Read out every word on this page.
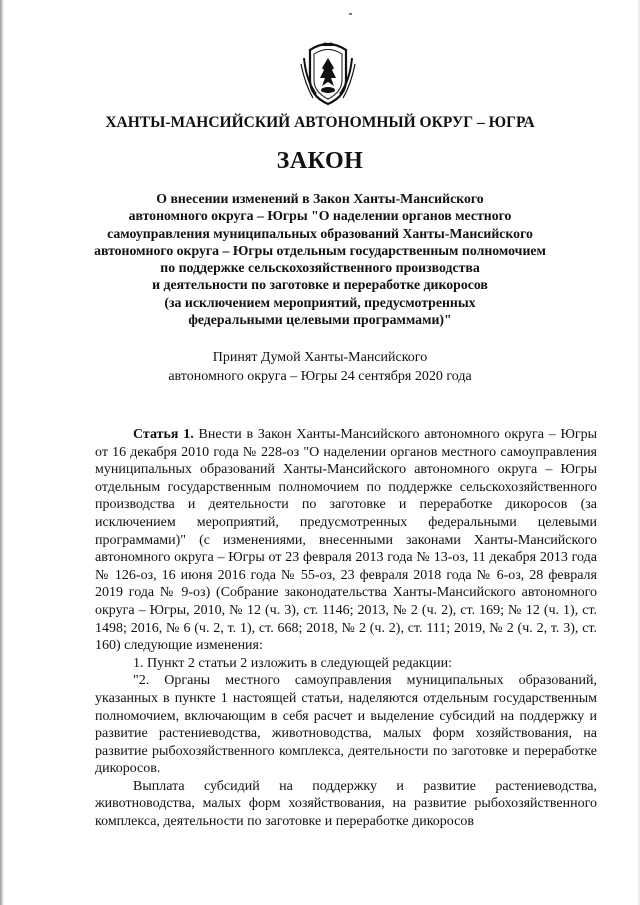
ХАНТЫ-МАНСИЙСКИЙ АВТОНОМНЫЙ ОКРУГ – ЮГРА
ЗАКОН
О внесении изменений в Закон Ханты-Мансийского
автономного округа – Югры "О наделении органов местного
самоуправления муниципальных образований Ханты-Мансийского
автономного округа – Югры отдельным государственным полномочием
по поддержке сельскохозяйственного производства
и деятельности по заготовке и переработке дикоросов
(за исключением мероприятий, предусмотренных
федеральными целевыми программами)"
Принят Думой Ханты-Мансийского
автономного округа – Югры 24 сентября 2020 года

Статья 1. Внести в Закон Ханты-Мансийского автономного округа – Югры от 16 декабря 2010 года № 228-оз "О наделении органов местного самоуправления муниципальных образований Ханты-Мансийского автономного округа – Югры отдельным государственным полномочием по поддержке сельскохозяйственного производства и деятельности по заготовке и переработке дикоросов (за исключением мероприятий, предусмотренных федеральными целевыми программами)" (с изменениями, внесенными законами Ханты-Мансийского автономного округа – Югры от 23 февраля 2013 года № 13-оз, 11 декабря 2013 года № 126-оз, 16 июня 2016 года № 55-оз, 23 февраля 2018 года № 6-оз, 28 февраля 2019 года № 9-оз) (Собрание законодательства Ханты-Мансийского автономного округа – Югры, 2010, № 12 (ч. 3), ст. 1146; 2013, № 2 (ч. 2), ст. 169; № 12 (ч. 1), ст. 1498; 2016, № 6 (ч. 2, т. 1), ст. 668; 2018, № 2 (ч. 2), ст. 111; 2019, № 2 (ч. 2, т. 3), ст. 160) следующие изменения:

1. Пункт 2 статьи 2 изложить в следующей редакции:

"2. Органы местного самоуправления муниципальных образований, указанных в пункте 1 настоящей статьи, наделяются отдельным государственным полномочием, включающим в себя расчет и выделение субсидий на поддержку и развитие растениеводства, животноводства, малых форм хозяйствования, на развитие рыбохозяйственного комплекса, деятельности по заготовке и переработке дикоросов.

Выплата субсидий на поддержку и развитие растениеводства, животноводства, малых форм хозяйствования, на развитие рыбохозяйственного комплекса, деятельности по заготовке и переработке дикоросов
